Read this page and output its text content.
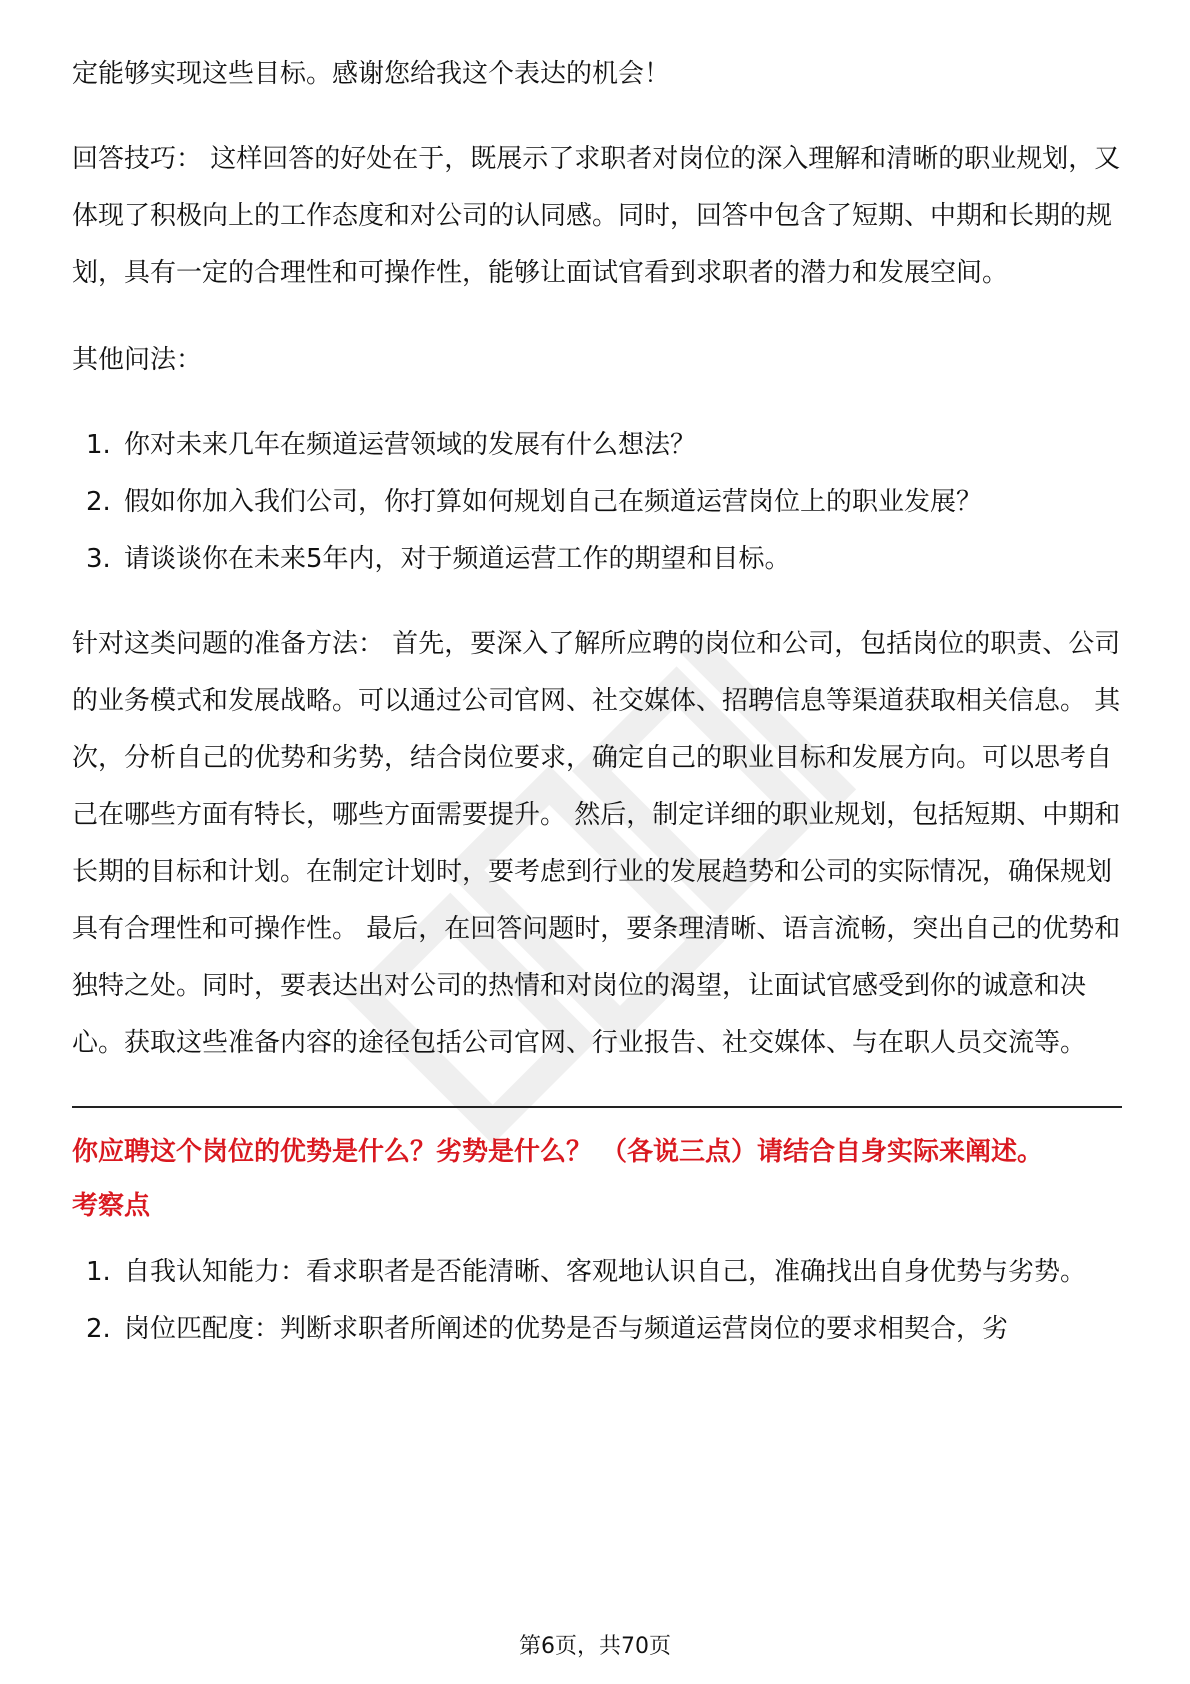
定能够实现这些目标。感谢您给我这个表达的机会！

回答技巧： 这样回答的好处在于，既展示了求职者对岗位的深入理解和清晰的职业规划，又体现了积极向上的工作态度和对公司的认同感。同时，回答中包含了短期、中期和长期的规划，具有一定的合理性和可操作性，能够让面试官看到求职者的潜力和发展空间。

其他问法：

1. 你对未来几年在频道运营领域的发展有什么想法？
2. 假如你加入我们公司，你打算如何规划自己在频道运营岗位上的职业发展？
3. 请谈谈你在未来5年内，对于频道运营工作的期望和目标。

针对这类问题的准备方法： 首先，要深入了解所应聘的岗位和公司，包括岗位的职责、公司的业务模式和发展战略。可以通过公司官网、社交媒体、招聘信息等渠道获取相关信息。 其次，分析自己的优势和劣势，结合岗位要求，确定自己的职业目标和发展方向。可以思考自己在哪些方面有特长，哪些方面需要提升。 然后，制定详细的职业规划，包括短期、中期和长期的目标和计划。在制定计划时，要考虑到行业的发展趋势和公司的实际情况，确保规划具有合理性和可操作性。 最后，在回答问题时，要条理清晰、语言流畅，突出自己的优势和独特之处。同时，要表达出对公司的热情和对岗位的渴望，让面试官感受到你的诚意和决心。获取这些准备内容的途径包括公司官网、行业报告、社交媒体、与在职人员交流等。

你应聘这个岗位的优势是什么？劣势是什么？ （各说三点）请结合自身实际来阐述。

考察点

1. 自我认知能力：看求职者是否能清晰、客观地认识自己，准确找出自身优势与劣势。
2. 岗位匹配度：判断求职者所阐述的优势是否与频道运营岗位的要求相契合，劣
第6页，共70页
